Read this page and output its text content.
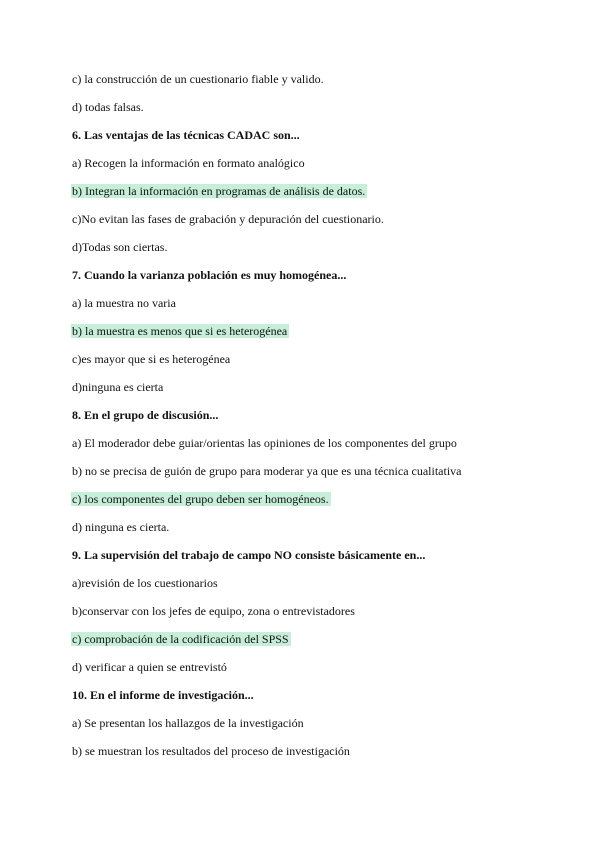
c) la construcción de un cuestionario fiable y valido.
d) todas falsas.
6. Las ventajas de las técnicas CADAC son...
a) Recogen la información en formato analógico
b) Integran la información en programas de análisis de datos.
c)No evitan las fases de grabación y depuración del cuestionario.
d)Todas son ciertas.
7. Cuando la varianza población es muy homogénea...
a) la muestra no varia
b) la muestra es menos que si es heterogénea
c)es mayor que si es heterogénea
d)ninguna es cierta
8. En el grupo de discusión...
a) El moderador debe guiar/orientas las opiniones de los componentes del grupo
b) no se precisa de guión de grupo para moderar ya que es una técnica cualitativa
c) los componentes del grupo deben ser homogéneos.
d) ninguna es cierta.
9. La supervisión del trabajo de campo NO consiste básicamente en...
a)revisión de los cuestionarios
b)conservar con los jefes de equipo, zona o entrevistadores
c) comprobación de la codificación del SPSS
d) verificar a quien se entrevistó
10. En el informe de investigación...
a) Se presentan los hallazgos de la investigación
b) se muestran los resultados del proceso de investigación
